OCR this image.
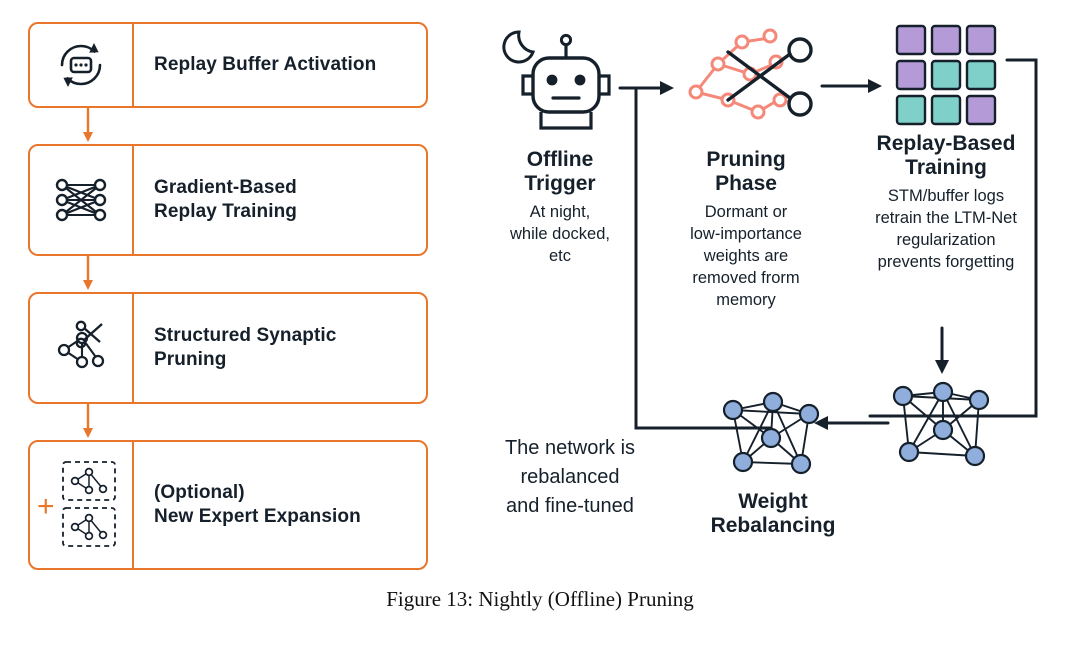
Replay Buffer Activation
Gradient-Based
Replay Training
Structured Synaptic
Pruning
+	(Optional)
New Expert Expansion
Offline
Trigger
At night,
while docked,
etc
Pruning
Phase
Dormant or
low-importance
weights are
removed frorm
memory
Replay-Based
Training
STM/buffer logs
retrain the LTM-Net
regularization
prevents forgetting
Weight
Rebalancing
The network is
rebalanced
and fine-tuned
Figure 13: Nightly (Offline) Pruning
